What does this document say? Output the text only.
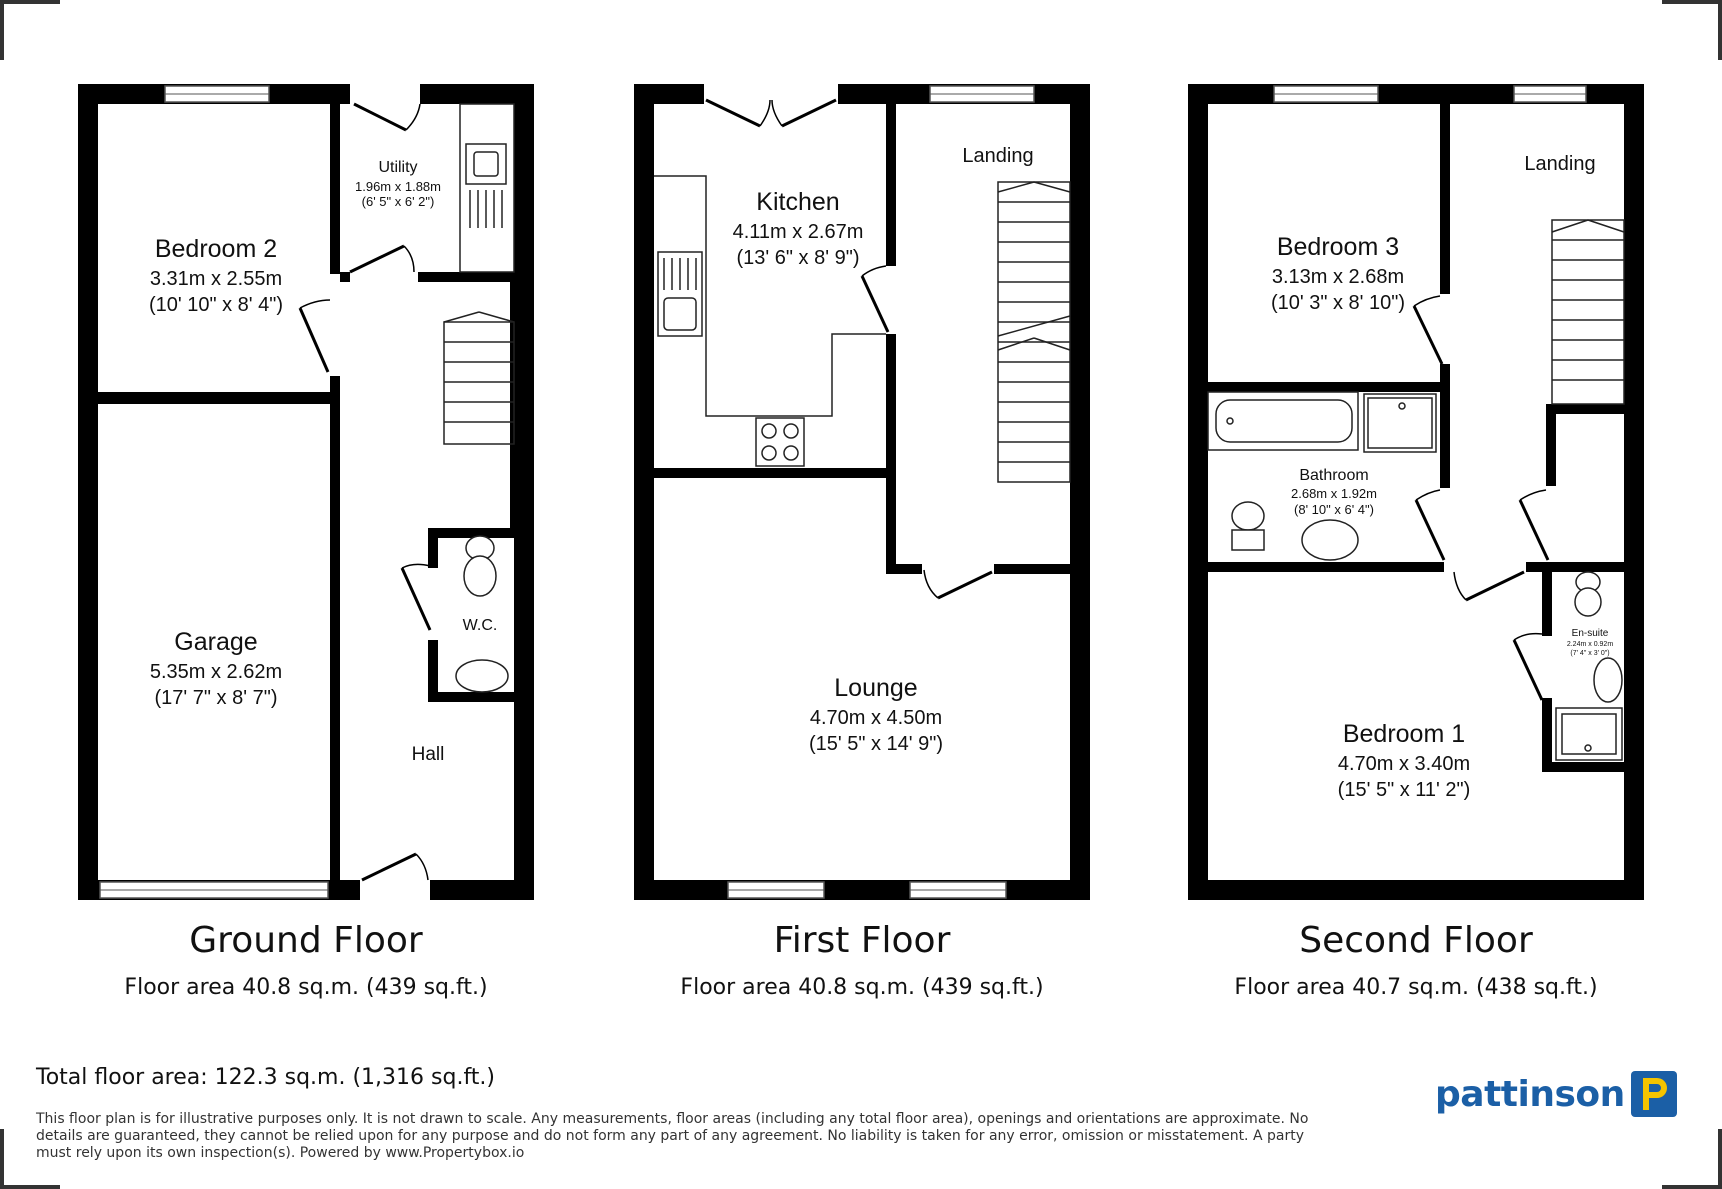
Bedroom 2
3.31m x 2.55m
(10' 10" x 8' 4")
Utility
1.96m x 1.88m
(6' 5" x 6' 2")
Garage
5.35m x 2.62m
(17' 7" x 8' 7")
W.C.
Hall
Kitchen
4.11m x 2.67m
(13' 6" x 8' 9")
Landing
Lounge
4.70m x 4.50m
(15' 5" x 14' 9")
Bedroom 3
3.13m x 2.68m
(10' 3" x 8' 10")
Landing
Bathroom
2.68m x 1.92m
(8' 10" x 6' 4")
En-suite
2.24m x 0.92m
(7' 4" x 3' 0")
Bedroom 1
4.70m x 3.40m
(15' 5" x 11' 2")
Ground Floor
Floor area 40.8 sq.m. (439 sq.ft.)
First Floor
Floor area 40.8 sq.m. (439 sq.ft.)
Second Floor
Floor area 40.7 sq.m. (438 sq.ft.)
Total floor area: 122.3 sq.m. (1,316 sq.ft.)
This floor plan is for illustrative purposes only. It is not drawn to scale. Any measurements, floor areas (including any total floor area), openings and orientations are approximate. No details are guaranteed, they cannot be relied upon for any purpose and do not form any part of any agreement. No liability is taken for any error, omission or misstatement. A party must rely upon its own inspection(s). Powered by www.Propertybox.io
pattinson
